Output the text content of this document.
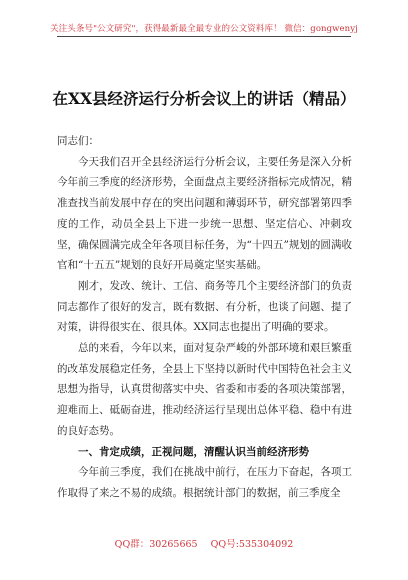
关注头条号"公文研究"，获得最新最全最专业的公文资料库！ 微信：gongwenyj
在XX县经济运行分析会议上的讲话（精品）

同志们：

今天我们召开全县经济运行分析会议，主要任务是深入分析今年前三季度的经济形势，全面盘点主要经济指标完成情况，精准查找当前发展中存在的突出问题和薄弱环节，研究部署第四季度的工作，动员全县上下进一步统一思想、坚定信心、冲刺攻坚，确保圆满完成全年各项目标任务，为“十四五”规划的圆满收官和“十五五”规划的良好开局奠定坚实基础。

刚才，发改、统计、工信、商务等几个主要经济部门的负责同志都作了很好的发言，既有数据、有分析，也谈了问题、提了对策，讲得很实在、很具体。XX同志也提出了明确的要求。

总的来看，今年以来，面对复杂严峻的外部环境和艰巨繁重的改革发展稳定任务，全县上下坚持以新时代中国特色社会主义思想为指导，认真贯彻落实中央、省委和市委的各项决策部署，迎难而上、砥砺奋进，推动经济运行呈现出总体平稳、稳中有进的良好态势。

一、肯定成绩，正视问题，清醒认识当前经济形势

今年前三季度，我们在挑战中前行，在压力下奋起，各项工作取得了来之不易的成绩。根据统计部门的数据，前三季度全

QQ群：30265665 QQ号:535304092
